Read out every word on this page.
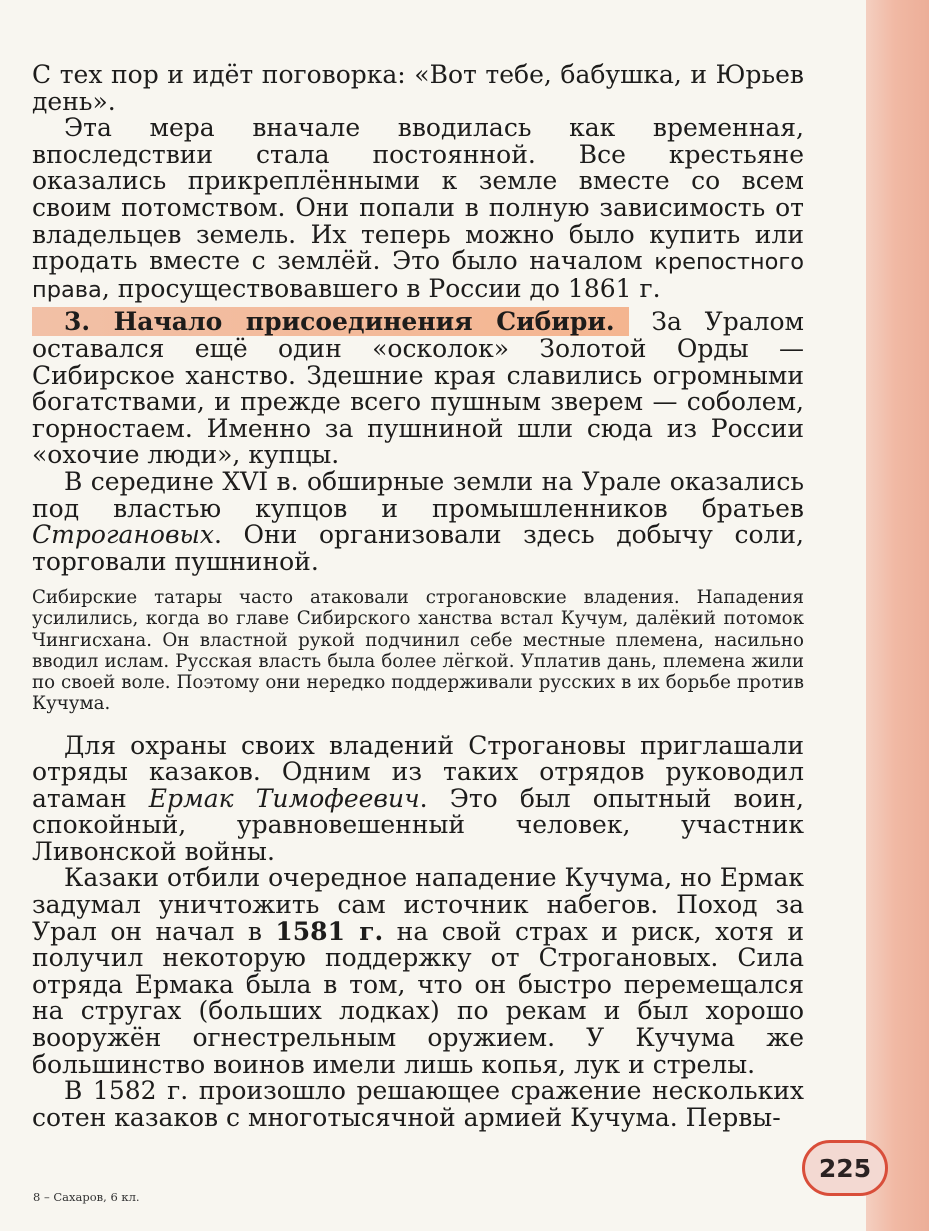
С тех пор и идёт поговорка: «Вот тебе, бабушка, и Юрьев день».

Эта мера вначале вводилась как временная, впоследствии стала постоянной. Все крестьяне оказались прикреплёнными к земле вместе со всем своим потомством. Они попали в полную зависимость от владельцев земель. Их теперь можно было купить или продать вместе с землёй. Это было началом крепостного права, просуществовавшего в России до 1861 г.

3. Начало присоединения Сибири. За Уралом оставался ещё один «осколок» Золотой Орды — Сибирское ханство. Здешние края славились огромными богатствами, и прежде всего пушным зверем — соболем, горностаем. Именно за пушниной шли сюда из России «охочие люди», купцы.

В середине XVI в. обширные земли на Урале оказались под властью купцов и промышленников братьев Строгановых. Они организовали здесь добычу соли, торговали пушниной.

Сибирские татары часто атаковали строгановские владения. Нападения усилились, когда во главе Сибирского ханства встал Кучум, далёкий потомок Чингисхана. Он властной рукой подчинил себе местные племена, насильно вводил ислам. Русская власть была более лёгкой. Уплатив дань, племена жили по своей воле. Поэтому они нередко поддерживали русских в их борьбе против Кучума.

Для охраны своих владений Строгановы приглашали отряды казаков. Одним из таких отрядов руководил атаман Ермак Тимофеевич. Это был опытный воин, спокойный, уравновешенный человек, участник Ливонской войны.

Казаки отбили очередное нападение Кучума, но Ермак задумал уничтожить сам источник набегов. Поход за Урал он начал в 1581 г. на свой страх и риск, хотя и получил некоторую поддержку от Строгановых. Сила отряда Ермака была в том, что он быстро перемещался на стругах (больших лодках) по рекам и был хорошо вооружён огнестрельным оружием. У Кучума же большинство воинов имели лишь копья, лук и стрелы.

В 1582 г. произошло решающее сражение нескольких сотен казаков с многотысячной армией Кучума. Первы-

225
8 – Сахаров, 6 кл.
